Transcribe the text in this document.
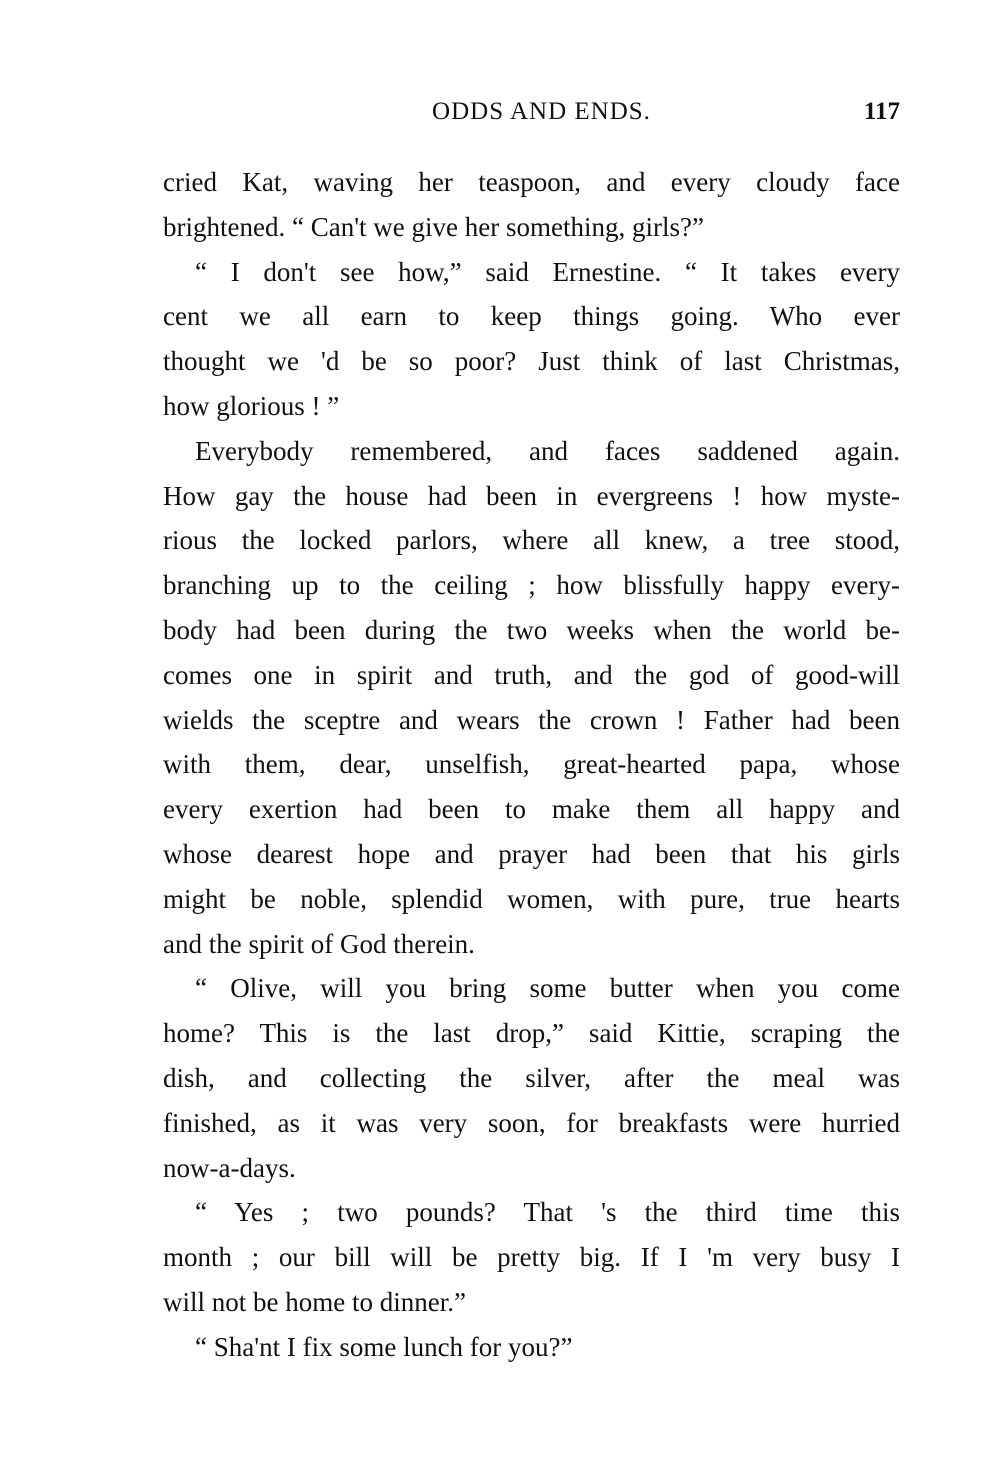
ODDS AND ENDS.	117

cried Kat, waving her teaspoon, and every cloudy face
brightened. “ Can't we give her something, girls?”

“ I don't see how,” said Ernestine. “ It takes every
cent we all earn to keep things going. Who ever
thought we 'd be so poor? Just think of last Christmas,
how glorious ! ”

Everybody remembered, and faces saddened again.
How gay the house had been in evergreens ! how myste-
rious the locked parlors, where all knew, a tree stood,
branching up to the ceiling ; how blissfully happy every-
body had been during the two weeks when the world be-
comes one in spirit and truth, and the god of good-will
wields the sceptre and wears the crown ! Father had been
with them, dear, unselfish, great-hearted papa, whose
every exertion had been to make them all happy and
whose dearest hope and prayer had been that his girls
might be noble, splendid women, with pure, true hearts
and the spirit of God therein.

“ Olive, will you bring some butter when you come
home? This is the last drop,” said Kittie, scraping the
dish, and collecting the silver, after the meal was
finished, as it was very soon, for breakfasts were hurried
now-a-days.

“ Yes ; two pounds? That 's the third time this
month ; our bill will be pretty big. If I 'm very busy I
will not be home to dinner.”

“ Sha'nt I fix some lunch for you?”
